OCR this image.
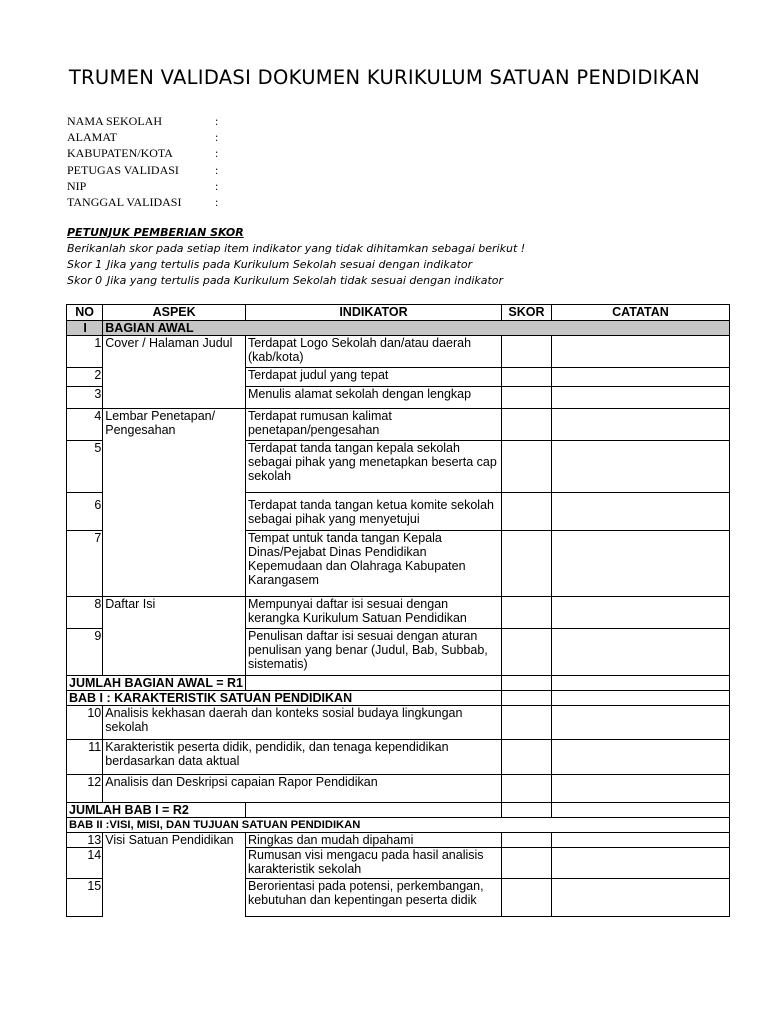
TRUMEN VALIDASI DOKUMEN KURIKULUM SATUAN PENDIDIKAN
NAMA SEKOLAH	:
ALAMAT	:
KABUPATEN/KOTA	:
PETUGAS VALIDASI	:
NIP	:
TANGGAL VALIDASI	:
PETUNJUK PEMBERIAN SKOR
Berikanlah skor pada setiap item indikator yang tidak dihitamkan sebagai berikut !
Skor 1 Jika yang tertulis pada Kurikulum Sekolah sesuai dengan indikator
Skor 0 Jika yang tertulis pada Kurikulum Sekolah tidak sesuai dengan indikator
NO	ASPEK	INDIKATOR	SKOR	CATATAN
I	BAGIAN AWAL			
1	Cover / Halaman Judul	Terdapat Logo Sekolah dan/atau daerah (kab/kota)		
2		Terdapat judul yang tepat		
3		Menulis alamat sekolah dengan lengkap		
4	Lembar Penetapan/ Pengesahan	Terdapat rumusan kalimat penetapan/pengesahan		
5		Terdapat tanda tangan kepala sekolah sebagai pihak yang menetapkan beserta cap sekolah		
6		Terdapat tanda tangan ketua komite sekolah sebagai pihak yang menyetujui		
7		Tempat untuk tanda tangan Kepala Dinas/Pejabat Dinas Pendidikan Kepemudaan dan Olahraga Kabupaten Karangasem		
8	Daftar Isi	Mempunyai daftar isi sesuai dengan kerangka Kurikulum Satuan Pendidikan		
9		Penulisan daftar isi sesuai dengan aturan penulisan yang benar (Judul, Bab, Subbab, sistematis)		
JUMLAH BAGIAN AWAL = R1				
BAB I : KARAKTERISTIK SATUAN PENDIDIKAN				
10	Analisis kekhasan daerah dan konteks sosial budaya lingkungan sekolah			
11	Karakteristik peserta didik, pendidik, dan tenaga kependidikan berdasarkan data aktual			
12	Analisis dan Deskripsi capaian Rapor Pendidikan			
JUMLAH BAB I = R2				
BAB II :VISI, MISI, DAN TUJUAN SATUAN PENDIDIKAN				
13	Visi Satuan Pendidikan	Ringkas dan mudah dipahami		
14		Rumusan visi mengacu pada hasil analisis karakteristik sekolah		
15		Berorientasi pada potensi, perkembangan, kebutuhan dan kepentingan peserta didik		
